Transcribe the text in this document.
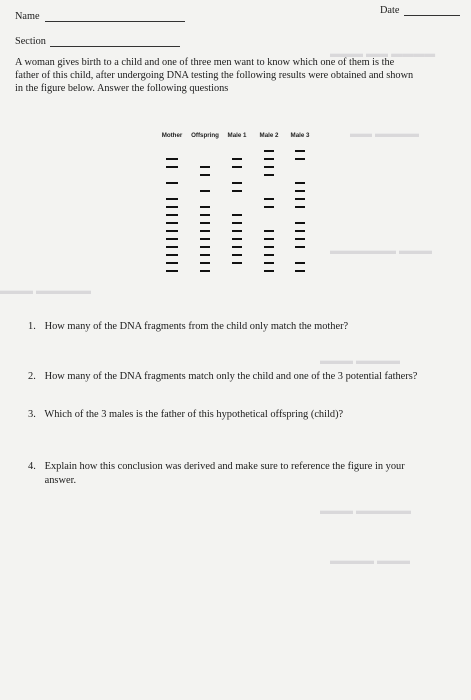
▬▬▬ ▬▬ ▬▬▬▬
▬▬ ▬▬▬▬
▬▬▬▬▬▬ ▬▬▬
▬▬▬ ▬▬▬▬▬
▬▬▬ ▬▬▬▬
▬▬▬ ▬▬▬▬▬
▬▬▬▬ ▬▬▬
Date
Name
Section
A woman gives birth to a child and one of three men want to know which one of them is the
father of this child, after undergoing DNA testing the following results were obtained and shown
in the figure below. Answer the following questions
Mother Offspring Male 1 Male 2 Male 3
1. How many of the DNA fragments from the child only match the mother?
2. How many of the DNA fragments match only the child and one of the 3 potential fathers?
3. Which of the 3 males is the father of this hypothetical offspring (child)?
4. Explain how this conclusion was derived and make sure to reference the figure in your
answer.
